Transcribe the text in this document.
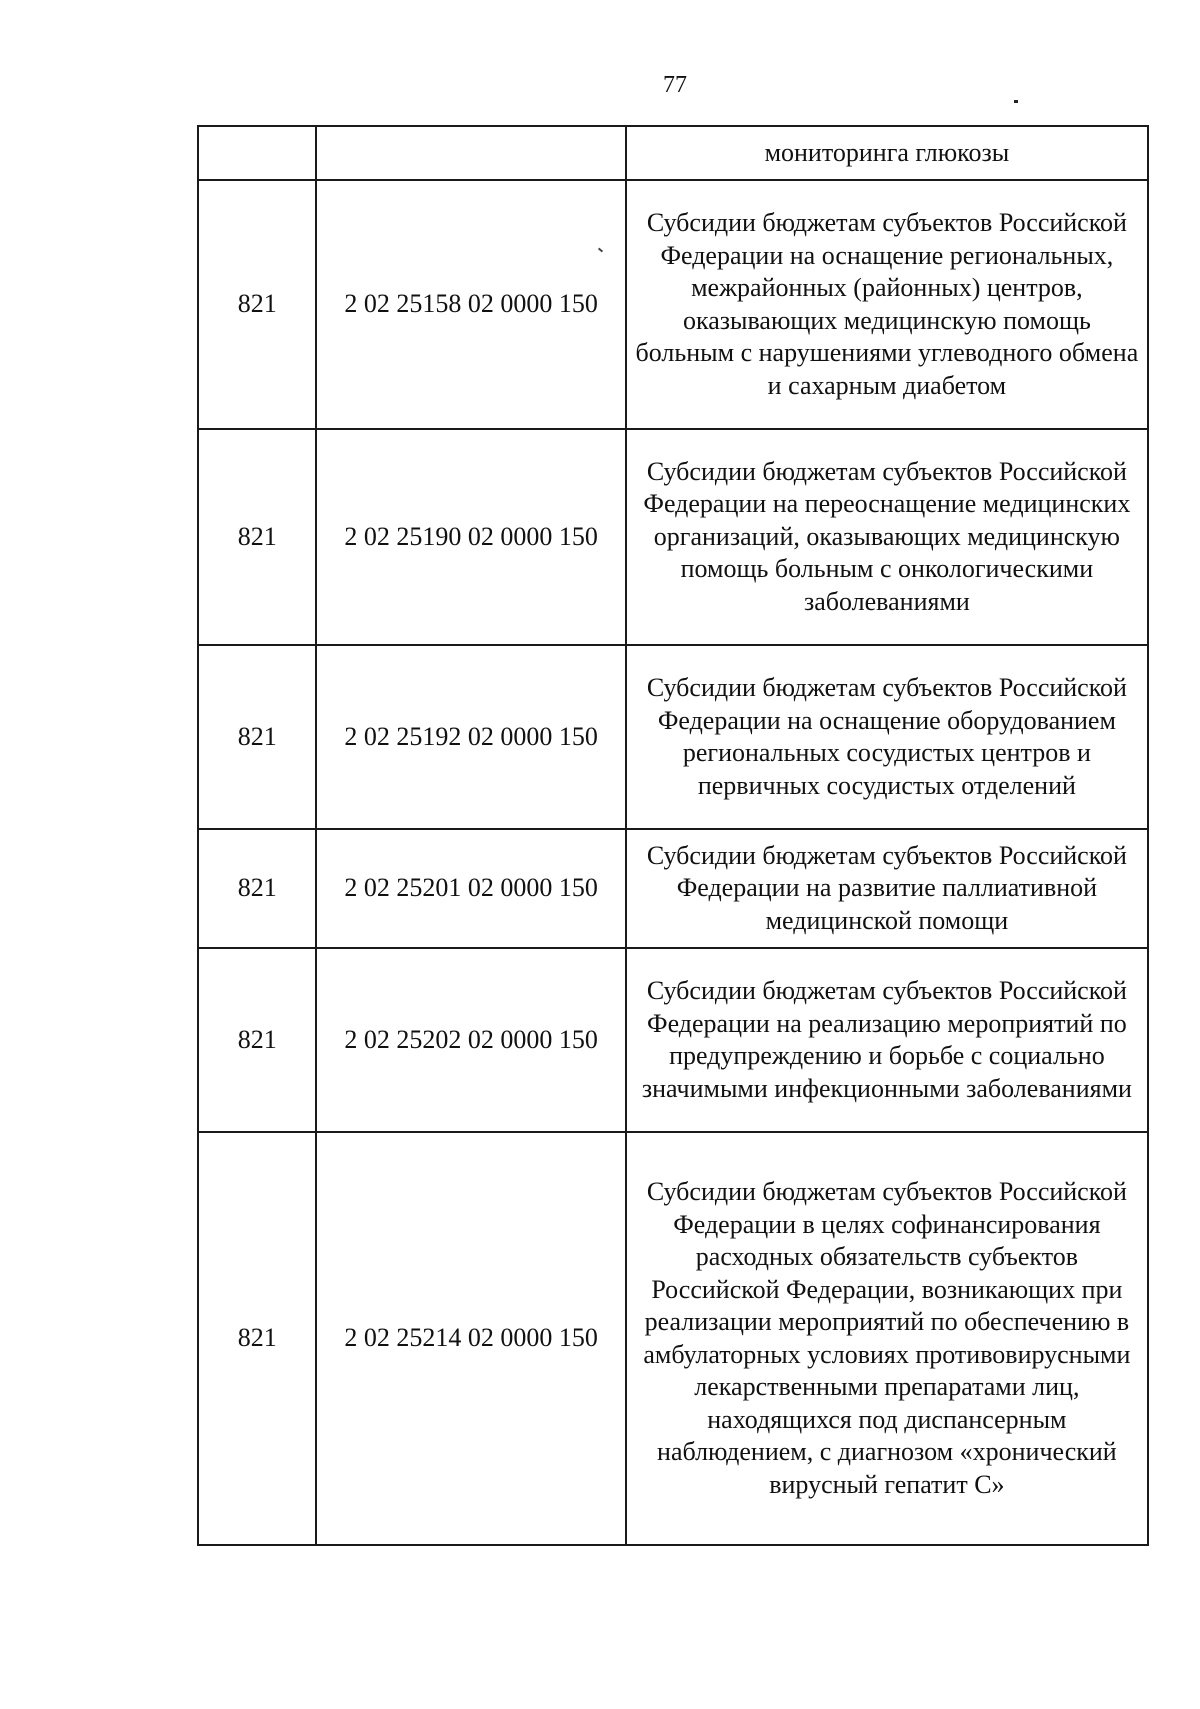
77
		мониторинга глюкозы
821	2 02 25158 02 0000 150	Субсидии бюджетам субъектов Российской Федерации на оснащение региональных, межрайонных (районных) центров, оказывающих медицинскую помощь больным с нарушениями углеводного обмена и сахарным диабетом
821	2 02 25190 02 0000 150	Субсидии бюджетам субъектов Российской Федерации на переоснащение медицинских организаций, оказывающих медицинскую помощь больным с онкологическими заболеваниями
821	2 02 25192 02 0000 150	Субсидии бюджетам субъектов Российской Федерации на оснащение оборудованием региональных сосудистых центров и первичных сосудистых отделений
821	2 02 25201 02 0000 150	Субсидии бюджетам субъектов Российской Федерации на развитие паллиативной медицинской помощи
821	2 02 25202 02 0000 150	Субсидии бюджетам субъектов Российской Федерации на реализацию мероприятий по предупреждению и борьбе с социально значимыми инфекционными заболеваниями
821	2 02 25214 02 0000 150	Субсидии бюджетам субъектов Российской Федерации в целях софинансирования расходных обязательств субъектов Российской Федерации, возникающих при реализации мероприятий по обеспечению в амбулаторных условиях противовирусными лекарственными препаратами лиц, находящихся под диспансерным наблюдением, с диагнозом «хронический вирусный гепатит С»
